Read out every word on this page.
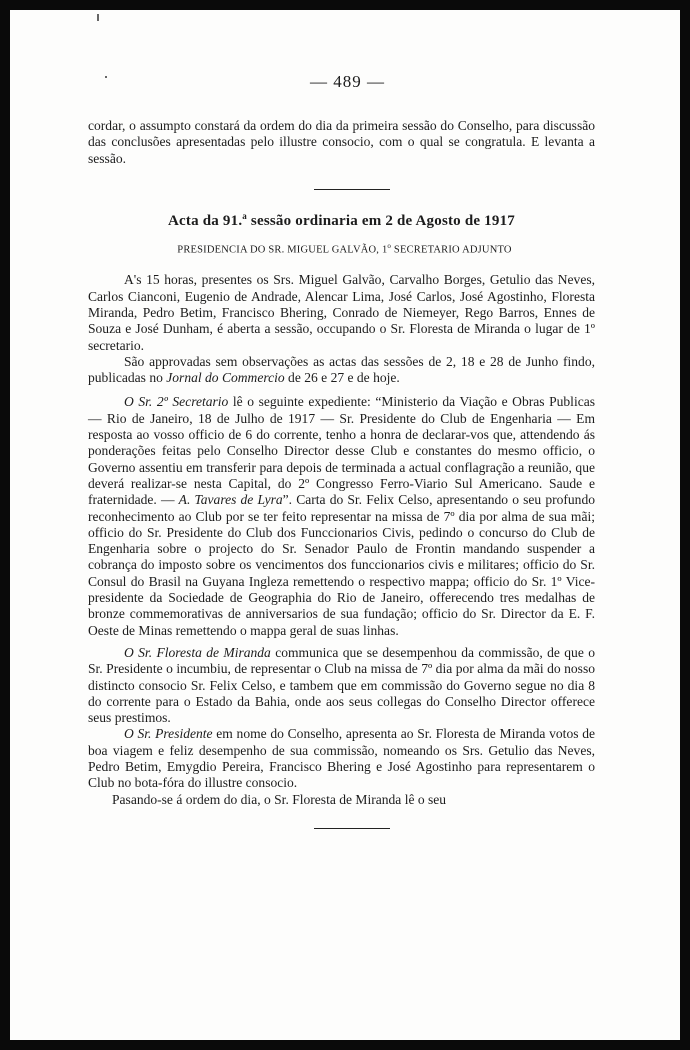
— 489 —

cordar, o assumpto constará da ordem do dia da primeira sessão do Conselho, para discussão das conclusões apresentadas pelo illustre consocio, com o qual se congratula. E levanta a sessão.

Acta da 91.$^a$ sessão ordinaria em 2 de Agosto de 1917
PRESIDENCIA DO SR. MIGUEL GALVÃO, 1$^o$ SECRETARIO ADJUNTO

A's 15 horas, presentes os Srs. Miguel Galvão, Carvalho Borges, Getulio das Neves, Carlos Cianconi, Eugenio de Andrade, Alencar Lima, José Carlos, José Agostinho, Floresta Miranda, Pedro Betim, Francisco Bhering, Conrado de Niemeyer, Rego Barros, Ennes de Souza e José Dunham, é aberta a sessão, occupando o Sr. Floresta de Miranda o lugar de 1º secretario.

São approvadas sem observações as actas das sessões de 2, 18 e 28 de Junho findo, publicadas no Jornal do Commercio de 26 e 27 e de hoje.

O Sr. 2º Secretario lê o seguinte expediente: “Ministerio da Viação e Obras Publicas — Rio de Janeiro, 18 de Julho de 1917 — Sr. Presidente do Club de Engenharia — Em resposta ao vosso officio de 6 do corrente, tenho a honra de declarar-vos que, attendendo ás ponderações feitas pelo Conselho Director desse Club e constantes do mesmo officio, o Governo assentiu em transferir para depois de terminada a actual conflagração a reunião, que deverá realizar-se nesta Capital, do 2º Congresso Ferro-Viario Sul Americano. Saude e fraternidade. — A. Tavares de Lyra”. Carta do Sr. Felix Celso, apresentando o seu profundo reconhecimento ao Club por se ter feito representar na missa de 7º dia por alma de sua mãi; officio do Sr. Presidente do Club dos Funccionarios Civis, pedindo o concurso do Club de Engenharia sobre o projecto do Sr. Senador Paulo de Frontin mandando suspender a cobrança do imposto sobre os vencimentos dos funccionarios civis e militares; officio do Sr. Consul do Brasil na Guyana Ingleza remettendo o respectivo mappa; officio do Sr. 1º Vice-presidente da Sociedade de Geographia do Rio de Janeiro, offerecendo tres medalhas de bronze commemorativas de anniversarios de sua fundação; officio do Sr. Director da E. F. Oeste de Minas remettendo o mappa geral de suas linhas.

O Sr. Floresta de Miranda communica que se desempenhou da commissão, de que o Sr. Presidente o incumbiu, de representar o Club na missa de 7º dia por alma da mãi do nosso distincto consocio Sr. Felix Celso, e tambem que em commissão do Governo segue no dia 8 do corrente para o Estado da Bahia, onde aos seus collegas do Conselho Director offerece seus prestimos.

O Sr. Presidente em nome do Conselho, apresenta ao Sr. Floresta de Miranda votos de boa viagem e feliz desempenho de sua commissão, nomeando os Srs. Getulio das Neves, Pedro Betim, Emygdio Pereira, Francisco Bhering e José Agostinho para representarem o Club no bota-fóra do illustre consocio.

Pasando-se á ordem do dia, o Sr. Floresta de Miranda lê o seu
